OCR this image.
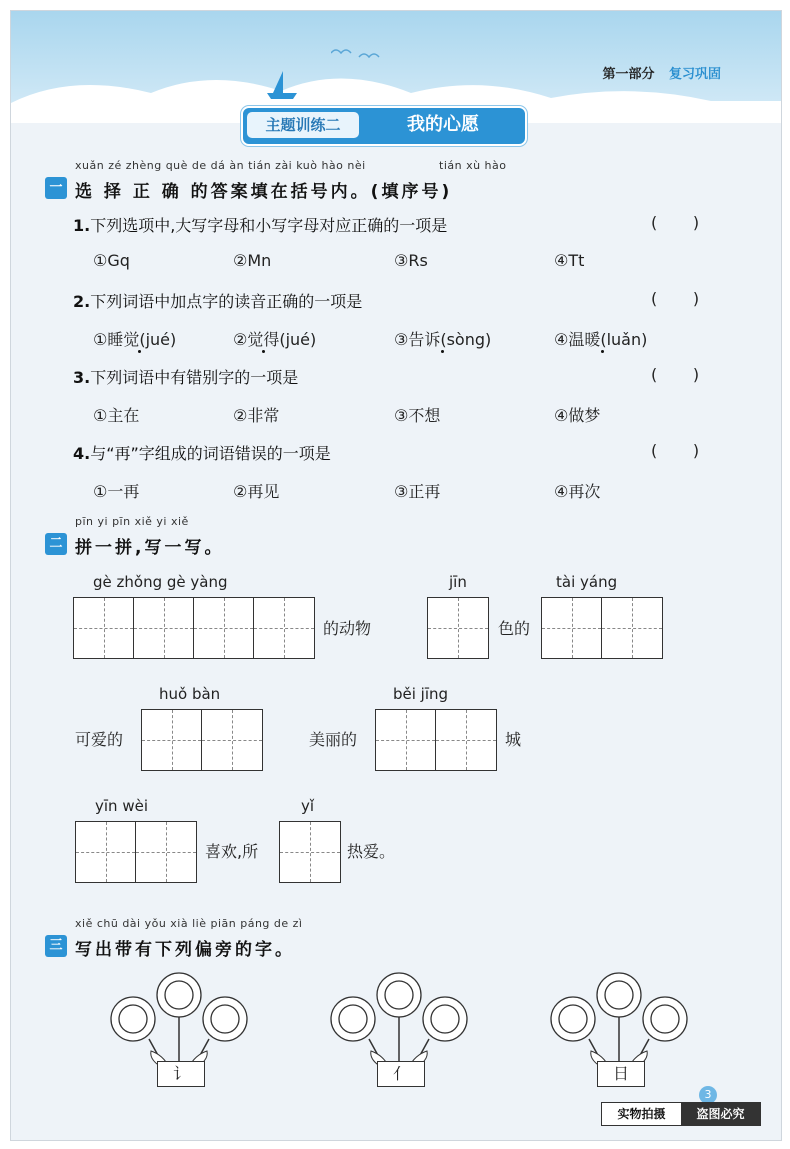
第一部分 复习巩固
主题训练二	我的心愿
xuǎn zé zhèng què de dá àn tián zài kuò hào nèi	tián xù hào
一 选 择 正 确 的答案填在括号内。(填序号)
1.下列选项中,大写字母和小写字母对应正确的一项是	(       )
①Gq	②Mn	③Rs	④Tt
2.下列词语中加点字的读音正确的一项是	(       )
①睡觉(jué)	②觉得(jué)	③告诉(sòng)	④温暖(luǎn)
3.下列词语中有错别字的一项是	(       )
①主在	②非常	③不想	④做梦
4.与“再”字组成的词语错误的一项是	(       )
①一再	②再见	③正再	④再次
pīn yi pīn xiě yi xiě
二 拼一拼,写一写。
gè zhǒng gè yàng
的动物
jīn
色的
tài yáng
可爱的
huǒ bàn
美丽的
běi jīng
城
yīn wèi
喜欢,所
yǐ
热爱。
xiě chū dài yǒu xià liè piān páng de zì
三 写出带有下列偏旁的字。
讠	亻	日
3
实物拍摄	盗图必究
